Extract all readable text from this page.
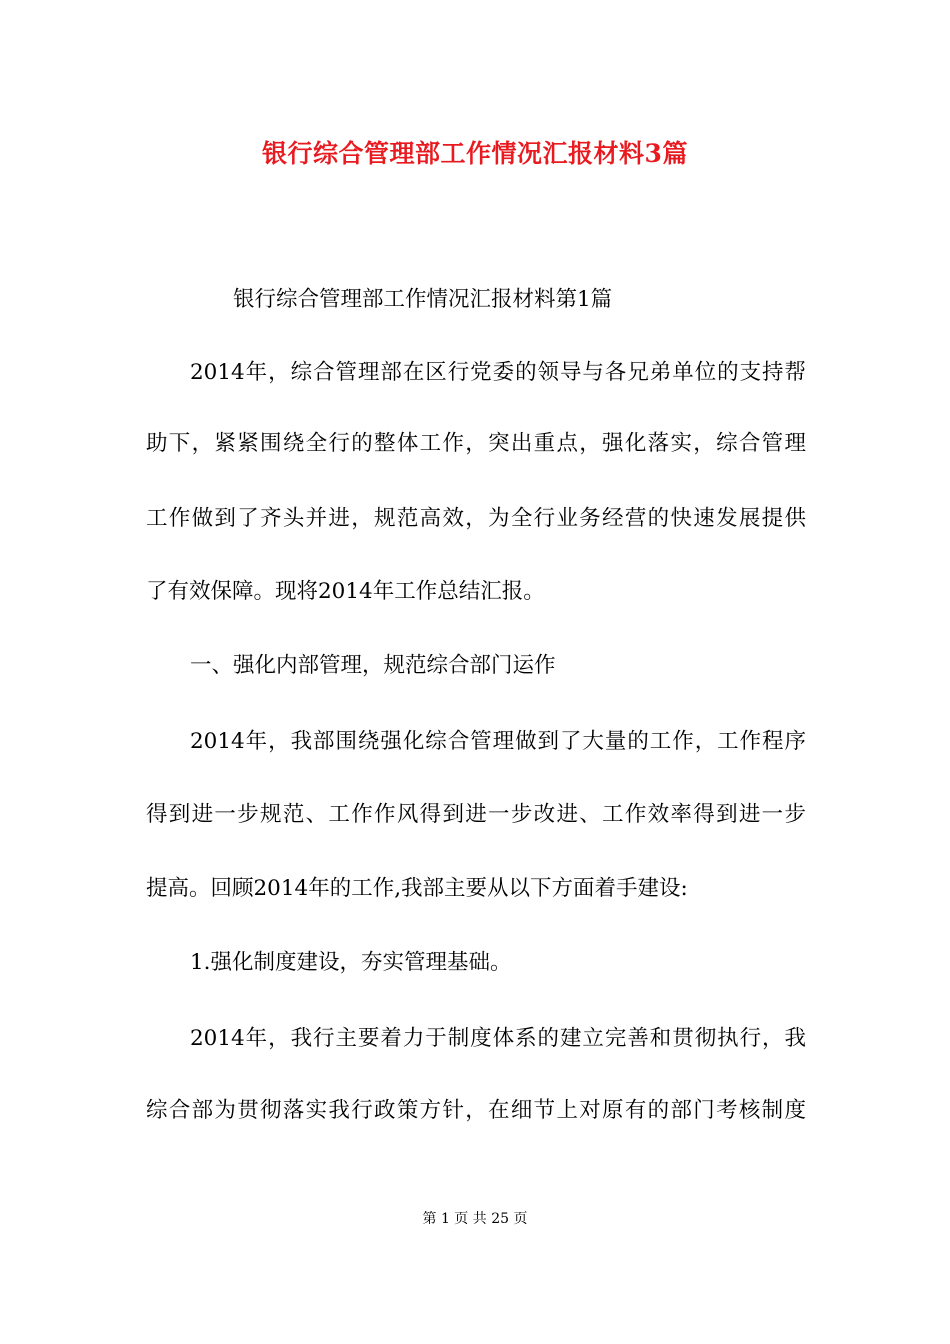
银行综合管理部工作情况汇报材料3篇
银行综合管理部工作情况汇报材料第1篇
2014年，综合管理部在区行党委的领导与各兄弟单位的支持帮
助下，紧紧围绕全行的整体工作，突出重点，强化落实，综合管理
工作做到了齐头并进，规范高效，为全行业务经营的快速发展提供
了有效保障。现将2014年工作总结汇报。
一、强化内部管理，规范综合部门运作
2014年，我部围绕强化综合管理做到了大量的工作，工作程序
得到进一步规范、工作作风得到进一步改进、工作效率得到进一步
提高。回顾2014年的工作,我部主要从以下方面着手建设:
1.强化制度建设，夯实管理基础。
2014年，我行主要着力于制度体系的建立完善和贯彻执行，我
综合部为贯彻落实我行政策方针，在细节上对原有的部门考核制度
第 1 页 共 25 页
